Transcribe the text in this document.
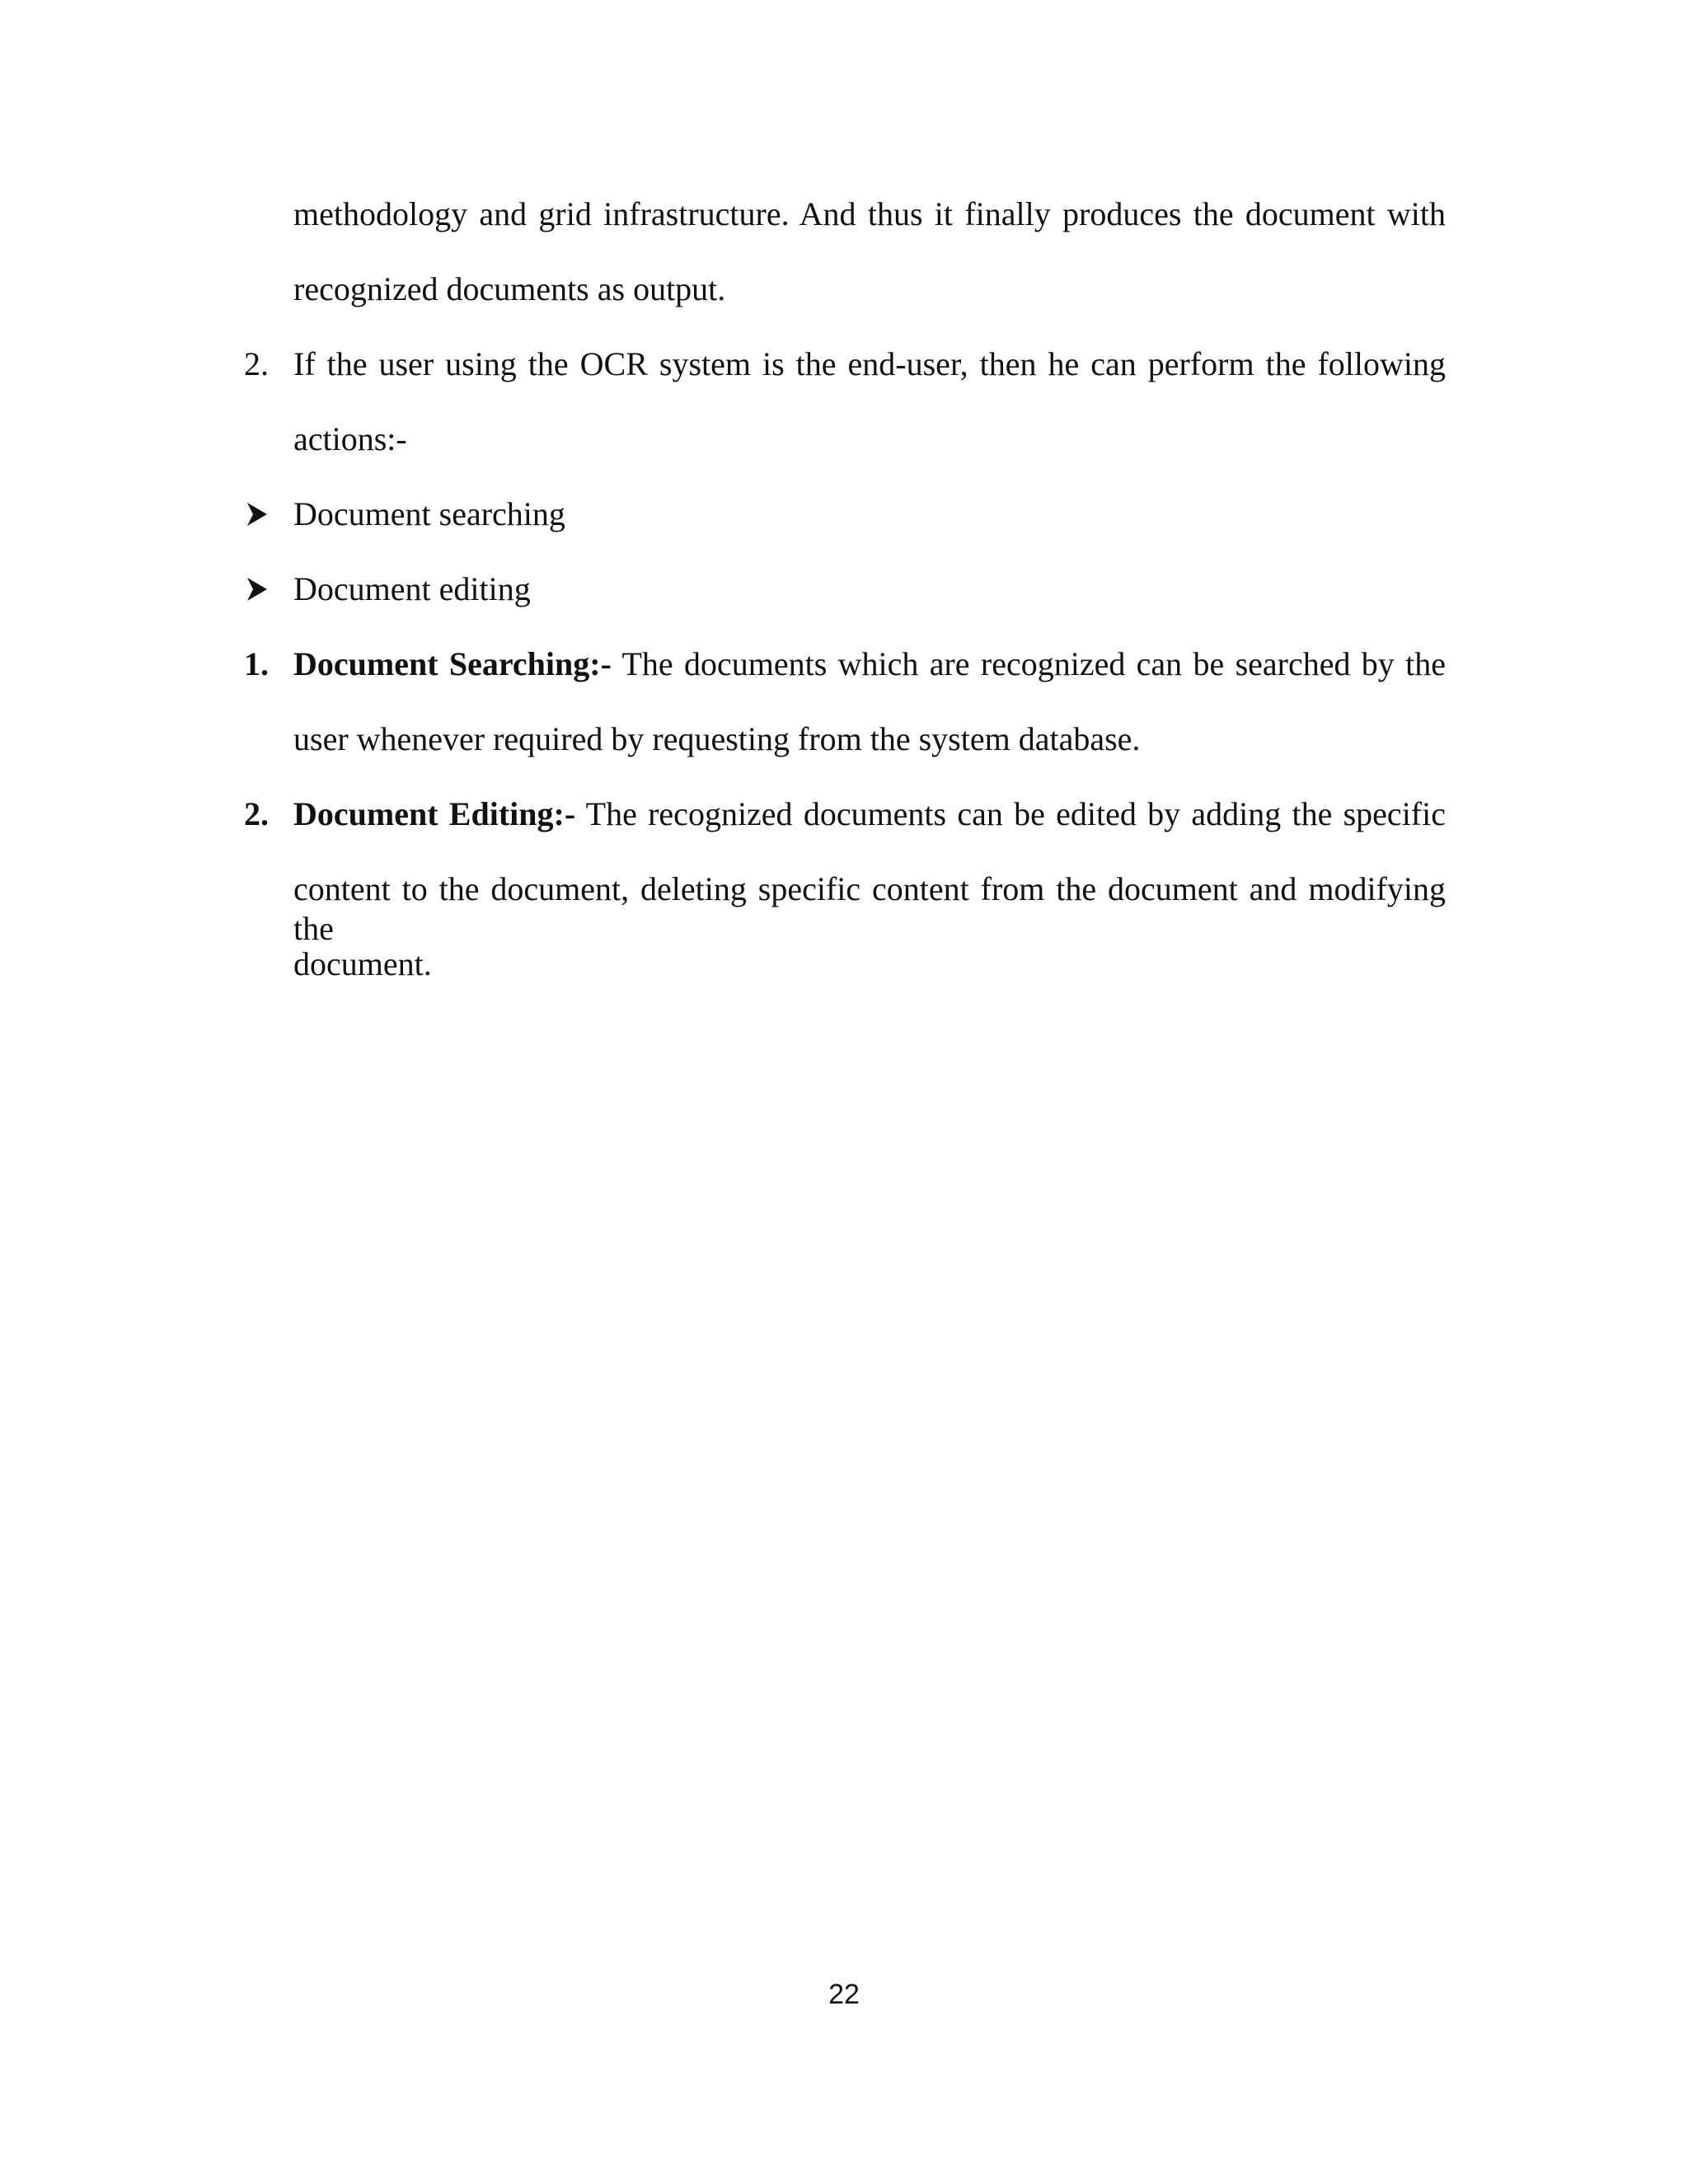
methodology and grid infrastructure. And thus it finally produces the document with
recognized documents as output.
2. If the user using the OCR system is the end-user, then he can perform the following
actions:-
Document searching
Document editing
1. Document Searching:- The documents which are recognized can be searched by the
user whenever required by requesting from the system database.
2. Document Editing:- The recognized documents can be edited by adding the specific
content to the document, deleting specific content from the document and modifying the
document.
22
